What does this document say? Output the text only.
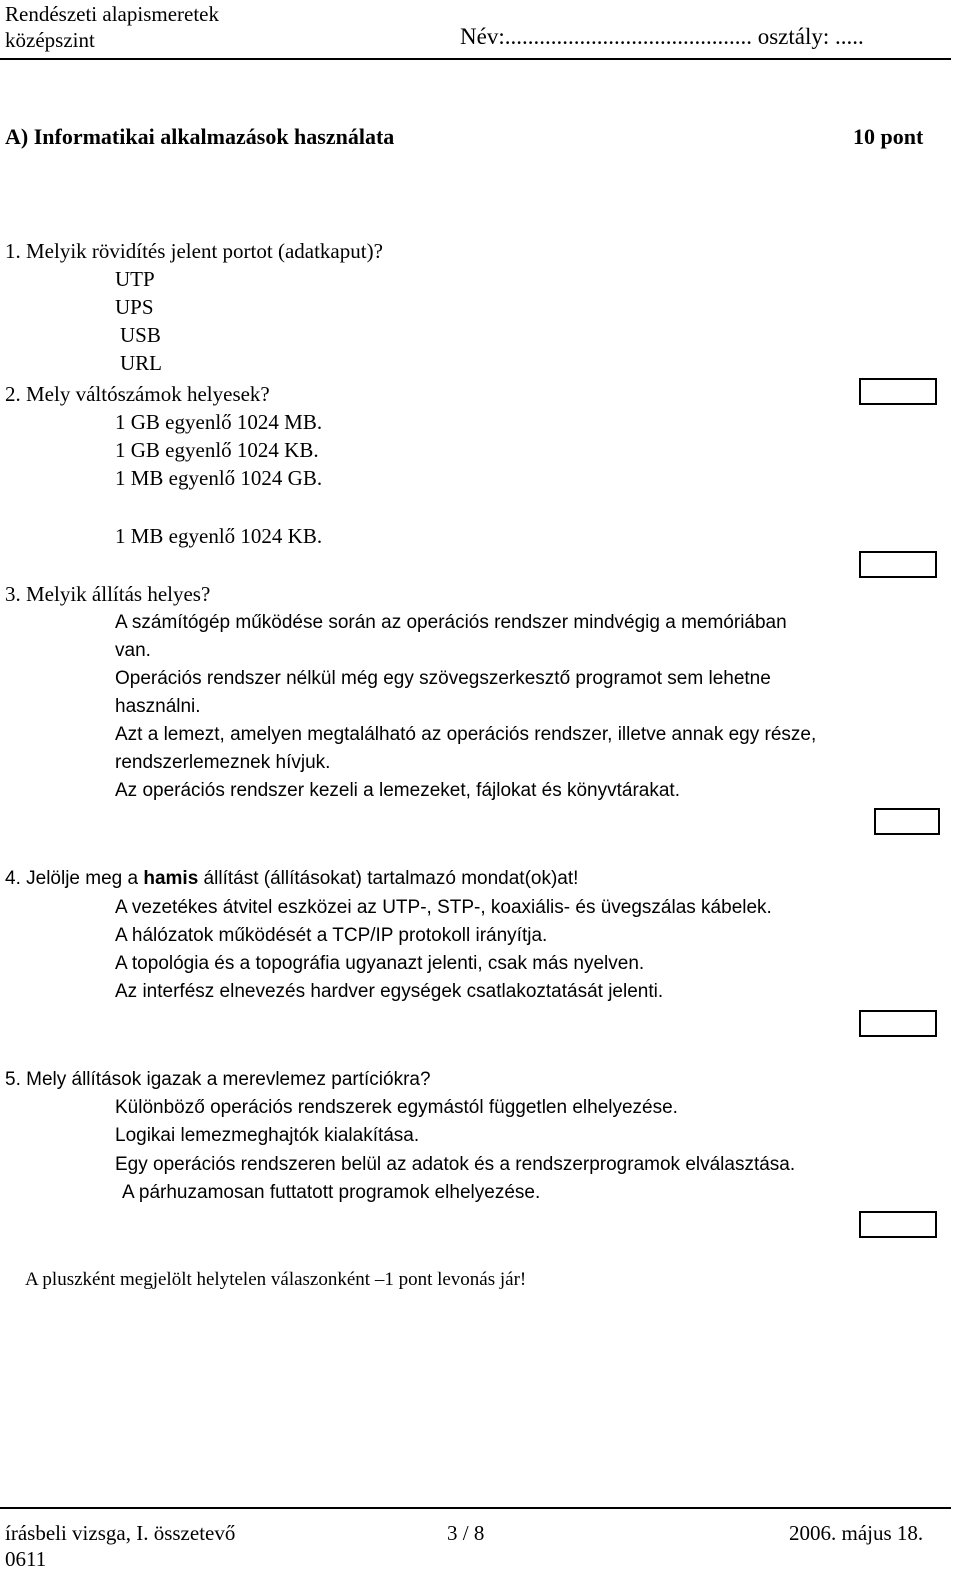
Rendészeti alapismeretek
középszint	Név:........................................... osztály: .....
A) Informatikai alkalmazások használata	10 pont
1. Melyik rövidítés jelent portot (adatkaput)?
UTP
UPS
USB
URL
2. Mely váltószámok helyesek?
1 GB egyenlő 1024 MB.
1 GB egyenlő 1024 KB.
1 MB egyenlő 1024 GB.
1 MB egyenlő 1024 KB.
3. Melyik állítás helyes?
A számítógép működése során az operációs rendszer mindvégig a memóriában
van.
Operációs rendszer nélkül még egy szövegszerkesztő programot sem lehetne
használni.
Azt a lemezt, amelyen megtalálható az operációs rendszer, illetve annak egy része,
rendszerlemeznek hívjuk.
Az operációs rendszer kezeli a lemezeket, fájlokat és könyvtárakat.
4. Jelölje meg a hamis állítást (állításokat) tartalmazó mondat(ok)at!
A vezetékes átvitel eszközei az UTP-, STP-, koaxiális- és üvegszálas kábelek.
A hálózatok működését a TCP/IP protokoll irányítja.
A topológia és a topográfia ugyanazt jelenti, csak más nyelven.
Az interfész elnevezés hardver egységek csatlakoztatását jelenti.
5. Mely állítások igazak a merevlemez partíciókra?
Különböző operációs rendszerek egymástól független elhelyezése.
Logikai lemezmeghajtók kialakítása.
Egy operációs rendszeren belül az adatok és a rendszerprogramok elválasztása.
A párhuzamosan futtatott programok elhelyezése.
A pluszként megjelölt helytelen válaszonként –1 pont levonás jár!
írásbeli vizsga, I. összetevő
0611
3 / 8	2006. május 18.
